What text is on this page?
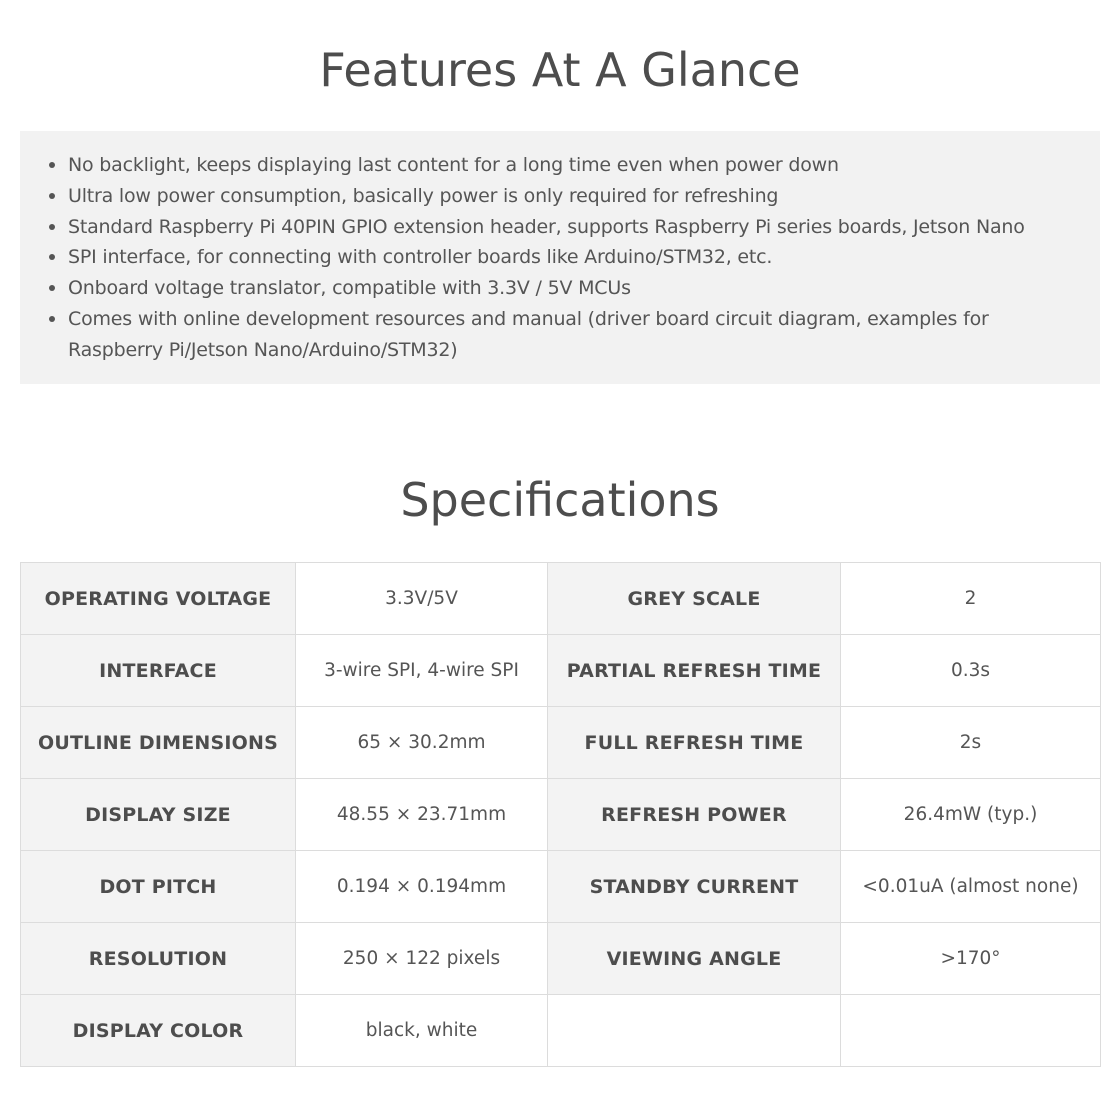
Features At A Glance
No backlight, keeps displaying last content for a long time even when power down
Ultra low power consumption, basically power is only required for refreshing
Standard Raspberry Pi 40PIN GPIO extension header, supports Raspberry Pi series boards, Jetson Nano
SPI interface, for connecting with controller boards like Arduino/STM32, etc.
Onboard voltage translator, compatible with 3.3V / 5V MCUs
Comes with online development resources and manual (driver board circuit diagram, examples for Raspberry Pi/Jetson Nano/Arduino/STM32)
Specifications
OPERATING VOLTAGE	3.3V/5V	GREY SCALE	2
INTERFACE	3-wire SPI, 4-wire SPI	PARTIAL REFRESH TIME	0.3s
OUTLINE DIMENSIONS	65 × 30.2mm	FULL REFRESH TIME	2s
DISPLAY SIZE	48.55 × 23.71mm	REFRESH POWER	26.4mW (typ.)
DOT PITCH	0.194 × 0.194mm	STANDBY CURRENT	<0.01uA (almost none)
RESOLUTION	250 × 122 pixels	VIEWING ANGLE	>170°
DISPLAY COLOR	black, white		
